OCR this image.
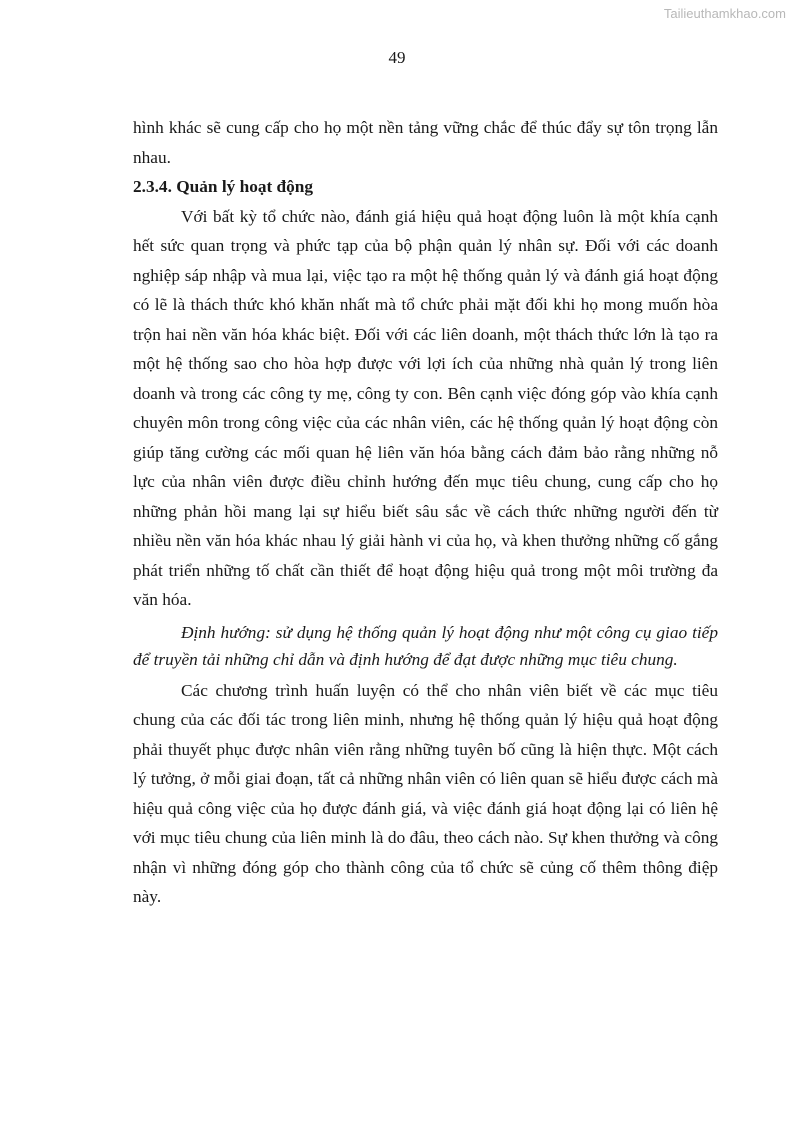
Tailieuthamkhao.com
49

hình khác sẽ cung cấp cho họ một nền tảng vững chắc để thúc đẩy sự tôn trọng lẫn nhau.

2.3.4. Quản lý hoạt động

Với bất kỳ tổ chức nào, đánh giá hiệu quả hoạt động luôn là một khía cạnh hết sức quan trọng và phức tạp của bộ phận quản lý nhân sự. Đối với các doanh nghiệp sáp nhập và mua lại, việc tạo ra một hệ thống quản lý và đánh giá hoạt động có lẽ là thách thức khó khăn nhất mà tổ chức phải mặt đối khi họ mong muốn hòa trộn hai nền văn hóa khác biệt. Đối với các liên doanh, một thách thức lớn là tạo ra một hệ thống sao cho hòa hợp được với lợi ích của những nhà quản lý trong liên doanh và trong các công ty mẹ, công ty con. Bên cạnh việc đóng góp vào khía cạnh chuyên môn trong công việc của các nhân viên, các hệ thống quản lý hoạt động còn giúp tăng cường các mối quan hệ liên văn hóa bằng cách đảm bảo rằng những nỗ lực của nhân viên được điều chỉnh hướng đến mục tiêu chung, cung cấp cho họ những phản hồi mang lại sự hiểu biết sâu sắc về cách thức những người đến từ nhiều nền văn hóa khác nhau lý giải hành vi của họ, và khen thưởng những cố gắng phát triển những tố chất cần thiết để hoạt động hiệu quả trong một môi trường đa văn hóa.

Định hướng: sử dụng hệ thống quản lý hoạt động như một công cụ giao tiếp để truyền tải những chỉ dẫn và định hướng để đạt được những mục tiêu chung.

Các chương trình huấn luyện có thể cho nhân viên biết về các mục tiêu chung của các đối tác trong liên minh, nhưng hệ thống quản lý hiệu quả hoạt động phải thuyết phục được nhân viên rằng những tuyên bố cũng là hiện thực. Một cách lý tưởng, ở mỗi giai đoạn, tất cả những nhân viên có liên quan sẽ hiểu được cách mà hiệu quả công việc của họ được đánh giá, và việc đánh giá hoạt động lại có liên hệ với mục tiêu chung của liên minh là do đâu, theo cách nào. Sự khen thưởng và công nhận vì những đóng góp cho thành công của tổ chức sẽ củng cố thêm thông điệp này.
